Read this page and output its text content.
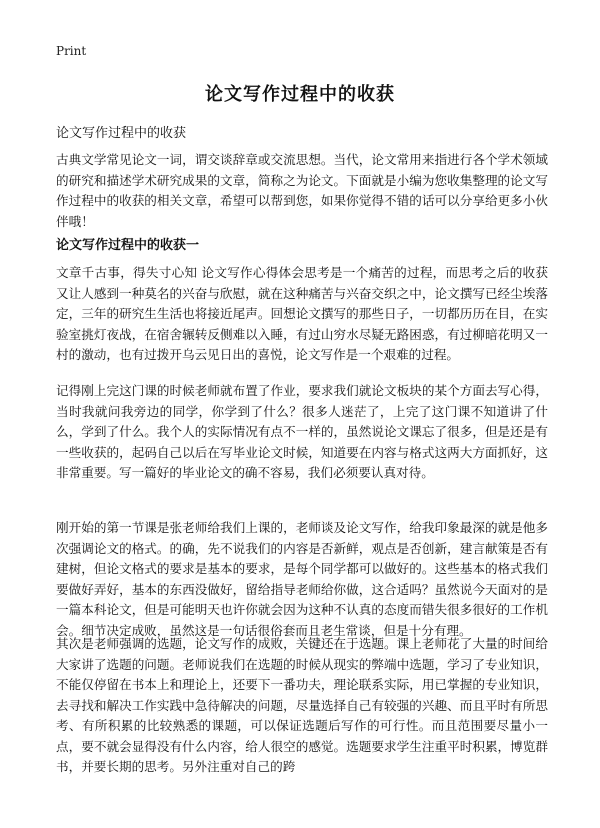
Print
论文写作过程中的收获
论文写作过程中的收获

古典文学常见论文一词，谓交谈辞章或交流思想。当代，论文常用来指进行各个学术领域的研究和描述学术研究成果的文章，简称之为论文。下面就是小编为您收集整理的论文写作过程中的收获的相关文章，希望可以帮到您，如果你觉得不错的话可以分享给更多小伙伴哦！

论文写作过程中的收获一

文章千古事，得失寸心知 论文写作心得体会思考是一个痛苦的过程，而思考之后的收获又让人感到一种莫名的兴奋与欣慰，就在这种痛苦与兴奋交织之中，论文撰写已经尘埃落定，三年的研究生生活也将接近尾声。回想论文撰写的那些日子，一切都历历在目，在实验室挑灯夜战，在宿舍辗转反侧难以入睡，有过山穷水尽疑无路困惑，有过柳暗花明又一村的激动，也有过拨开乌云见日出的喜悦，论文写作是一个艰难的过程。

记得刚上完这门课的时候老师就布置了作业，要求我们就论文板块的某个方面去写心得，当时我就问我旁边的同学，你学到了什么？很多人迷茫了，上完了这门课不知道讲了什么，学到了什么。我个人的实际情况有点不一样的，虽然说论文课忘了很多，但是还是有一些收获的，起码自己以后在写毕业论文时候，知道要在内容与格式这两大方面抓好，这非常重要。写一篇好的毕业论文的确不容易，我们必须要认真对待。

刚开始的第一节课是张老师给我们上课的，老师谈及论文写作，给我印象最深的就是他多次强调论文的格式。的确，先不说我们的内容是否新鲜，观点是否创新，建言献策是否有建树，但论文格式的要求是基本的要求，是每个同学都可以做好的。这些基本的格式我们要做好弄好，基本的东西没做好，留给指导老师给你做，这合适吗？虽然说今天面对的是一篇本科论文，但是可能明天也许你就会因为这种不认真的态度而错失很多很好的工作机会。细节决定成败，虽然这是一句话很俗套而且老生常谈，但是十分有理。

其次是老师强调的选题，论文写作的成败，关键还在于选题。课上老师花了大量的时间给大家讲了选题的问题。老师说我们在选题的时候从现实的弊端中选题，学习了专业知识，不能仅停留在书本上和理论上，还要下一番功夫，理论联系实际，用已掌握的专业知识，去寻找和解决工作实践中急待解决的问题，尽量选择自己有较强的兴趣、而且平时有所思考、有所积累的比较熟悉的课题，可以保证选题后写作的可行性。而且范围要尽量小一点，要不就会显得没有什么内容，给人很空的感觉。选题要求学生注重平时积累，博览群书，并要长期的思考。另外注重对自己的跨
